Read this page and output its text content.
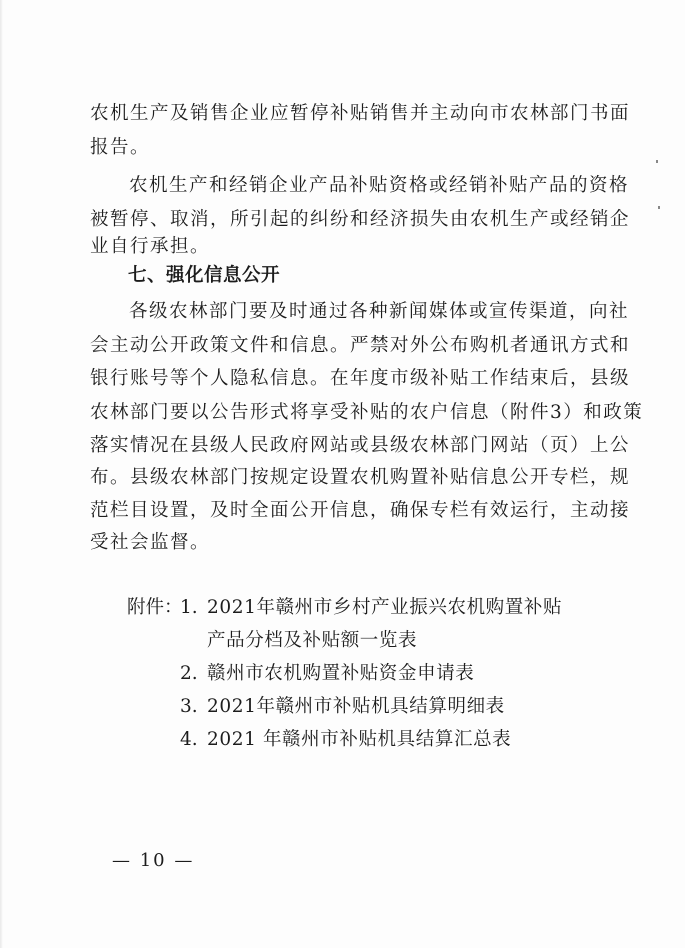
农机生产及销售企业应暂停补贴销售并主动向市农林部门书面
报告。
农机生产和经销企业产品补贴资格或经销补贴产品的资格
被暂停、取消，所引起的纠纷和经济损失由农机生产或经销企
业自行承担。
七、强化信息公开
各级农林部门要及时通过各种新闻媒体或宣传渠道，向社
会主动公开政策文件和信息。严禁对外公布购机者通讯方式和
银行账号等个人隐私信息。在年度市级补贴工作结束后，县级
农林部门要以公告形式将享受补贴的农户信息（附件3）和政策
落实情况在县级人民政府网站或县级农林部门网站（页）上公
布。县级农林部门按规定设置农机购置补贴信息公开专栏，规
范栏目设置，及时全面公开信息，确保专栏有效运行，主动接
受社会监督。
附件：
1. 2021年赣州市乡村产业振兴农机购置补贴
产品分档及补贴额一览表
2. 赣州市农机购置补贴资金申请表
3. 2021年赣州市补贴机具结算明细表
4. 2021 年赣州市补贴机具结算汇总表
— 10 —
